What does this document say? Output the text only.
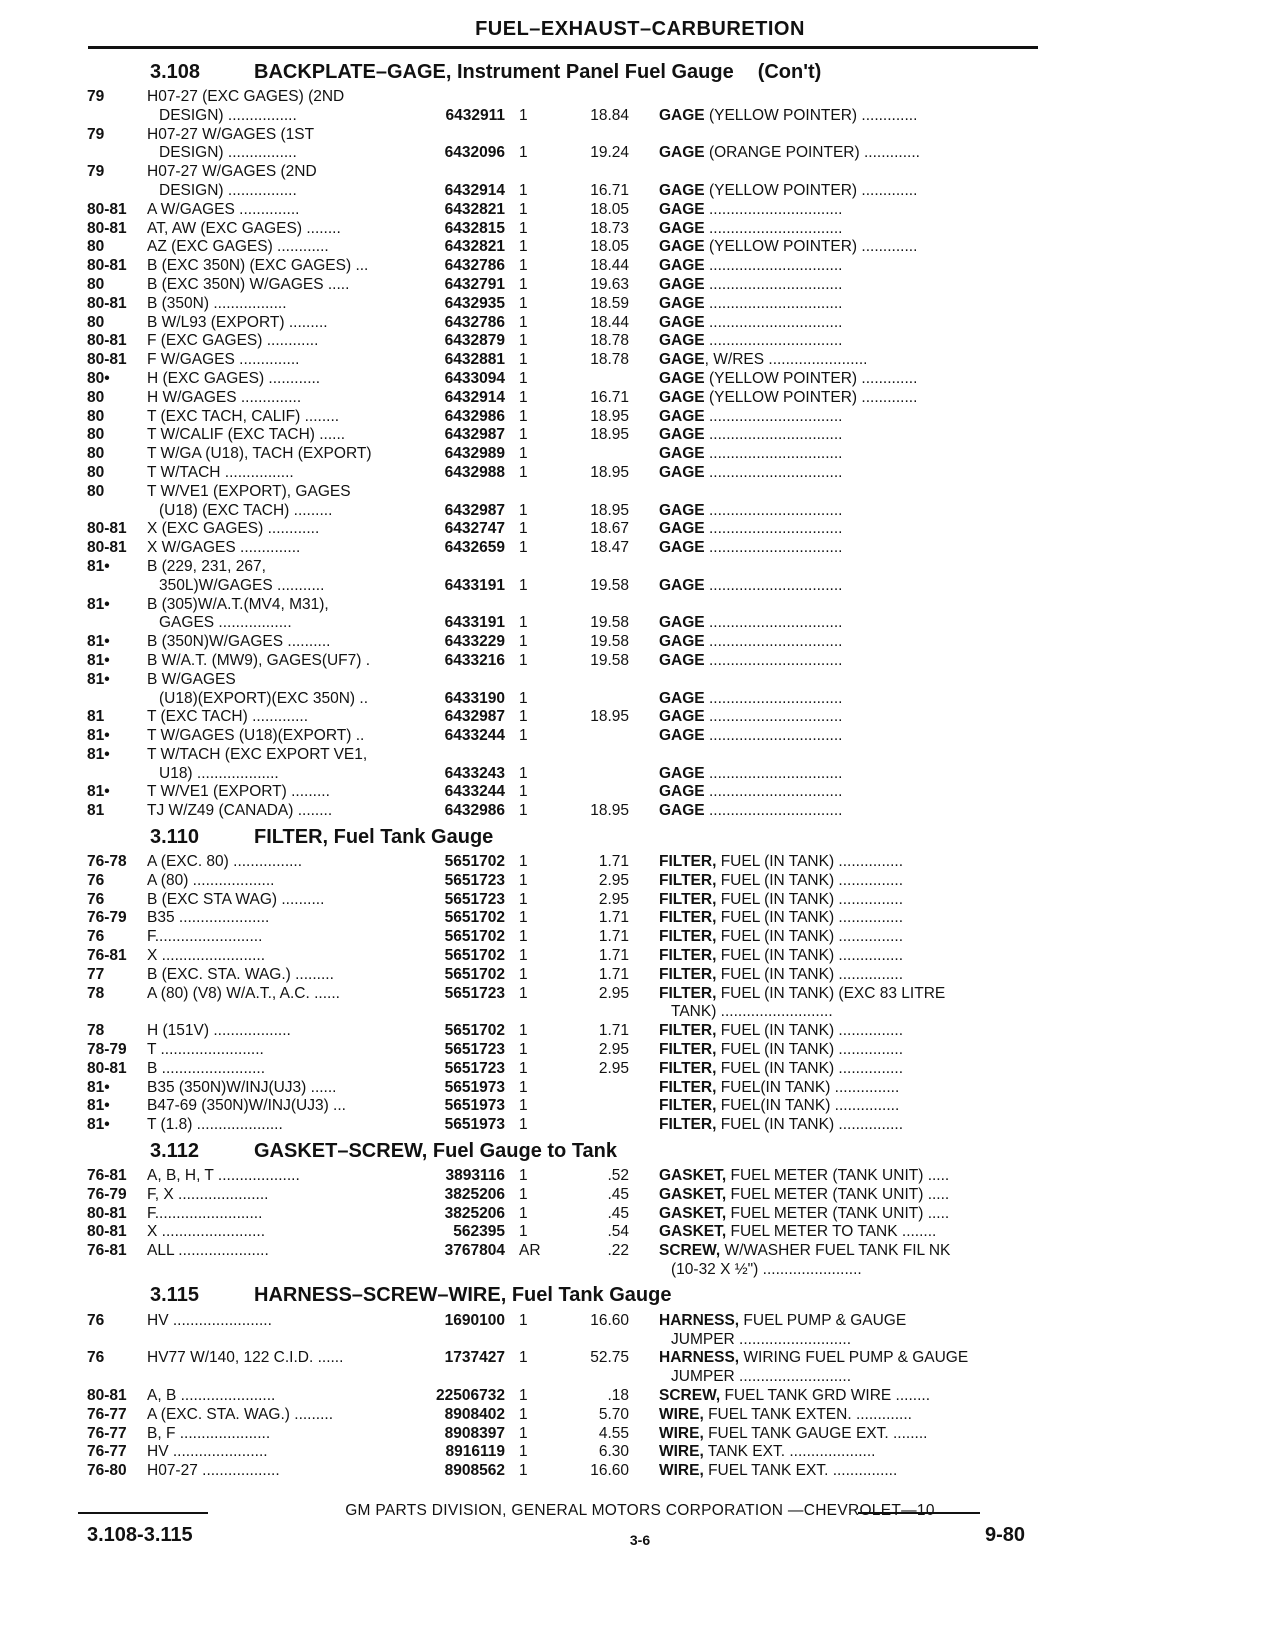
FUEL–EXHAUST–CARBURETION
3.108	BACKPLATE–GAGE, Instrument Panel Fuel Gauge (Con't)
79	H07-27 (EXC GAGES) (2ND
DESIGN) ................	6432911 1	18.84	GAGE (YELLOW POINTER) .............
79	H07-27 W/GAGES (1ST
DESIGN) ................	6432096 1	19.24	GAGE (ORANGE POINTER) .............
79	H07-27 W/GAGES (2ND
DESIGN) ................	6432914 1	16.71	GAGE (YELLOW POINTER) .............
80-81	A W/GAGES ..............	6432821 1	18.05	GAGE ...............................
80-81	AT, AW (EXC GAGES) ........	6432815 1	18.73	GAGE ...............................
80	AZ (EXC GAGES) ............	6432821 1	18.05	GAGE (YELLOW POINTER) .............
80-81	B (EXC 350N) (EXC GAGES) ...	6432786 1	18.44	GAGE ...............................
80	B (EXC 350N) W/GAGES .....	6432791 1	19.63	GAGE ...............................
80-81	B (350N) .................	6432935 1	18.59	GAGE ...............................
80	B W/L93 (EXPORT) .........	6432786 1	18.44	GAGE ...............................
80-81	F (EXC GAGES) ............	6432879 1	18.78	GAGE ...............................
80-81	F W/GAGES ..............	6432881 1	18.78	GAGE, W/RES .......................
80•	H (EXC GAGES) ............	6433094 1	GAGE (YELLOW POINTER) .............
80	H W/GAGES ..............	6432914 1	16.71	GAGE (YELLOW POINTER) .............
80	T (EXC TACH, CALIF) ........	6432986 1	18.95	GAGE ...............................
80	T W/CALIF (EXC TACH) ......	6432987 1	18.95	GAGE ...............................
80	T W/GA (U18), TACH (EXPORT)	6432989 1	GAGE ...............................
80	T W/TACH ................	6432988 1	18.95	GAGE ...............................
80	T W/VE1 (EXPORT), GAGES
(U18) (EXC TACH) .........	6432987 1	18.95	GAGE ...............................
80-81	X (EXC GAGES) ............	6432747 1	18.67	GAGE ...............................
80-81	X W/GAGES ..............	6432659 1	18.47	GAGE ...............................
81•	B (229, 231, 267,
350L)W/GAGES ...........	6433191 1	19.58	GAGE ...............................
81•	B (305)W/A.T.(MV4, M31),
GAGES .................	6433191 1	19.58	GAGE ...............................
81•	B (350N)W/GAGES ..........	6433229 1	19.58	GAGE ...............................
81•	B W/A.T. (MW9), GAGES(UF7) .	6433216 1	19.58	GAGE ...............................
81•	B W/GAGES
(U18)(EXPORT)(EXC 350N) ..	6433190 1	GAGE ...............................
81	T (EXC TACH) .............	6432987 1	18.95	GAGE ...............................
81•	T W/GAGES (U18)(EXPORT) ..	6433244 1	GAGE ...............................
81•	T W/TACH (EXC EXPORT VE1,
U18) ...................	6433243 1	GAGE ...............................
81•	T W/VE1 (EXPORT) .........	6433244 1	GAGE ...............................
81	TJ W/Z49 (CANADA) ........	6432986 1	18.95	GAGE ...............................
3.110	FILTER, Fuel Tank Gauge
76-78	A (EXC. 80) ................	5651702 1	1.71	FILTER, FUEL (IN TANK) ...............
76	A (80) ...................	5651723 1	2.95	FILTER, FUEL (IN TANK) ...............
76	B (EXC STA WAG) ..........	5651723 1	2.95	FILTER, FUEL (IN TANK) ...............
76-79	B35 .....................	5651702 1	1.71	FILTER, FUEL (IN TANK) ...............
76	F.........................	5651702 1	1.71	FILTER, FUEL (IN TANK) ...............
76-81	X ........................	5651702 1	1.71	FILTER, FUEL (IN TANK) ...............
77	B (EXC. STA. WAG.) .........	5651702 1	1.71	FILTER, FUEL (IN TANK) ...............
78	A (80) (V8) W/A.T., A.C. ......	5651723 1	2.95	FILTER, FUEL (IN TANK) (EXC 83 LITRE
TANK) ..........................
78	H (151V) ..................	5651702 1	1.71	FILTER, FUEL (IN TANK) ...............
78-79	T ........................	5651723 1	2.95	FILTER, FUEL (IN TANK) ...............
80-81	B ........................	5651723 1	2.95	FILTER, FUEL (IN TANK) ...............
81•	B35 (350N)W/INJ(UJ3) ......	5651973 1	FILTER, FUEL(IN TANK) ...............
81•	B47-69 (350N)W/INJ(UJ3) ...	5651973 1	FILTER, FUEL(IN TANK) ...............
81•	T (1.8) ....................	5651973 1	FILTER, FUEL (IN TANK) ...............
3.112	GASKET–SCREW, Fuel Gauge to Tank
76-81	A, B, H, T ...................	3893116 1	.52	GASKET, FUEL METER (TANK UNIT) .....
76-79	F, X .....................	3825206 1	.45	GASKET, FUEL METER (TANK UNIT) .....
80-81	F.........................	3825206 1	.45	GASKET, FUEL METER (TANK UNIT) .....
80-81	X ........................	562395 1	.54	GASKET, FUEL METER TO TANK ........
76-81	ALL .....................	3767804 AR	.22	SCREW, W/WASHER FUEL TANK FIL NK
(10-32 X ½") .......................
3.115	HARNESS–SCREW–WIRE, Fuel Tank Gauge
76	HV .......................	1690100 1	16.60	HARNESS, FUEL PUMP & GAUGE
JUMPER ..........................
76	HV77 W/140, 122 C.I.D. ......	1737427 1	52.75	HARNESS, WIRING FUEL PUMP & GAUGE
JUMPER ..........................
80-81	A, B ......................	22506732 1	.18	SCREW, FUEL TANK GRD WIRE ........
76-77	A (EXC. STA. WAG.) .........	8908402 1	5.70	WIRE, FUEL TANK EXTEN. .............
76-77	B, F .....................	8908397 1	4.55	WIRE, FUEL TANK GAUGE EXT. ........
76-77	HV ......................	8916119 1	6.30	WIRE, TANK EXT. ....................
76-80	H07-27 ..................	8908562 1	16.60	WIRE, FUEL TANK EXT. ...............
GM PARTS DIVISION, GENERAL MOTORS CORPORATION —CHEVROLET—10
3.108-3.115	3-6	9-80
